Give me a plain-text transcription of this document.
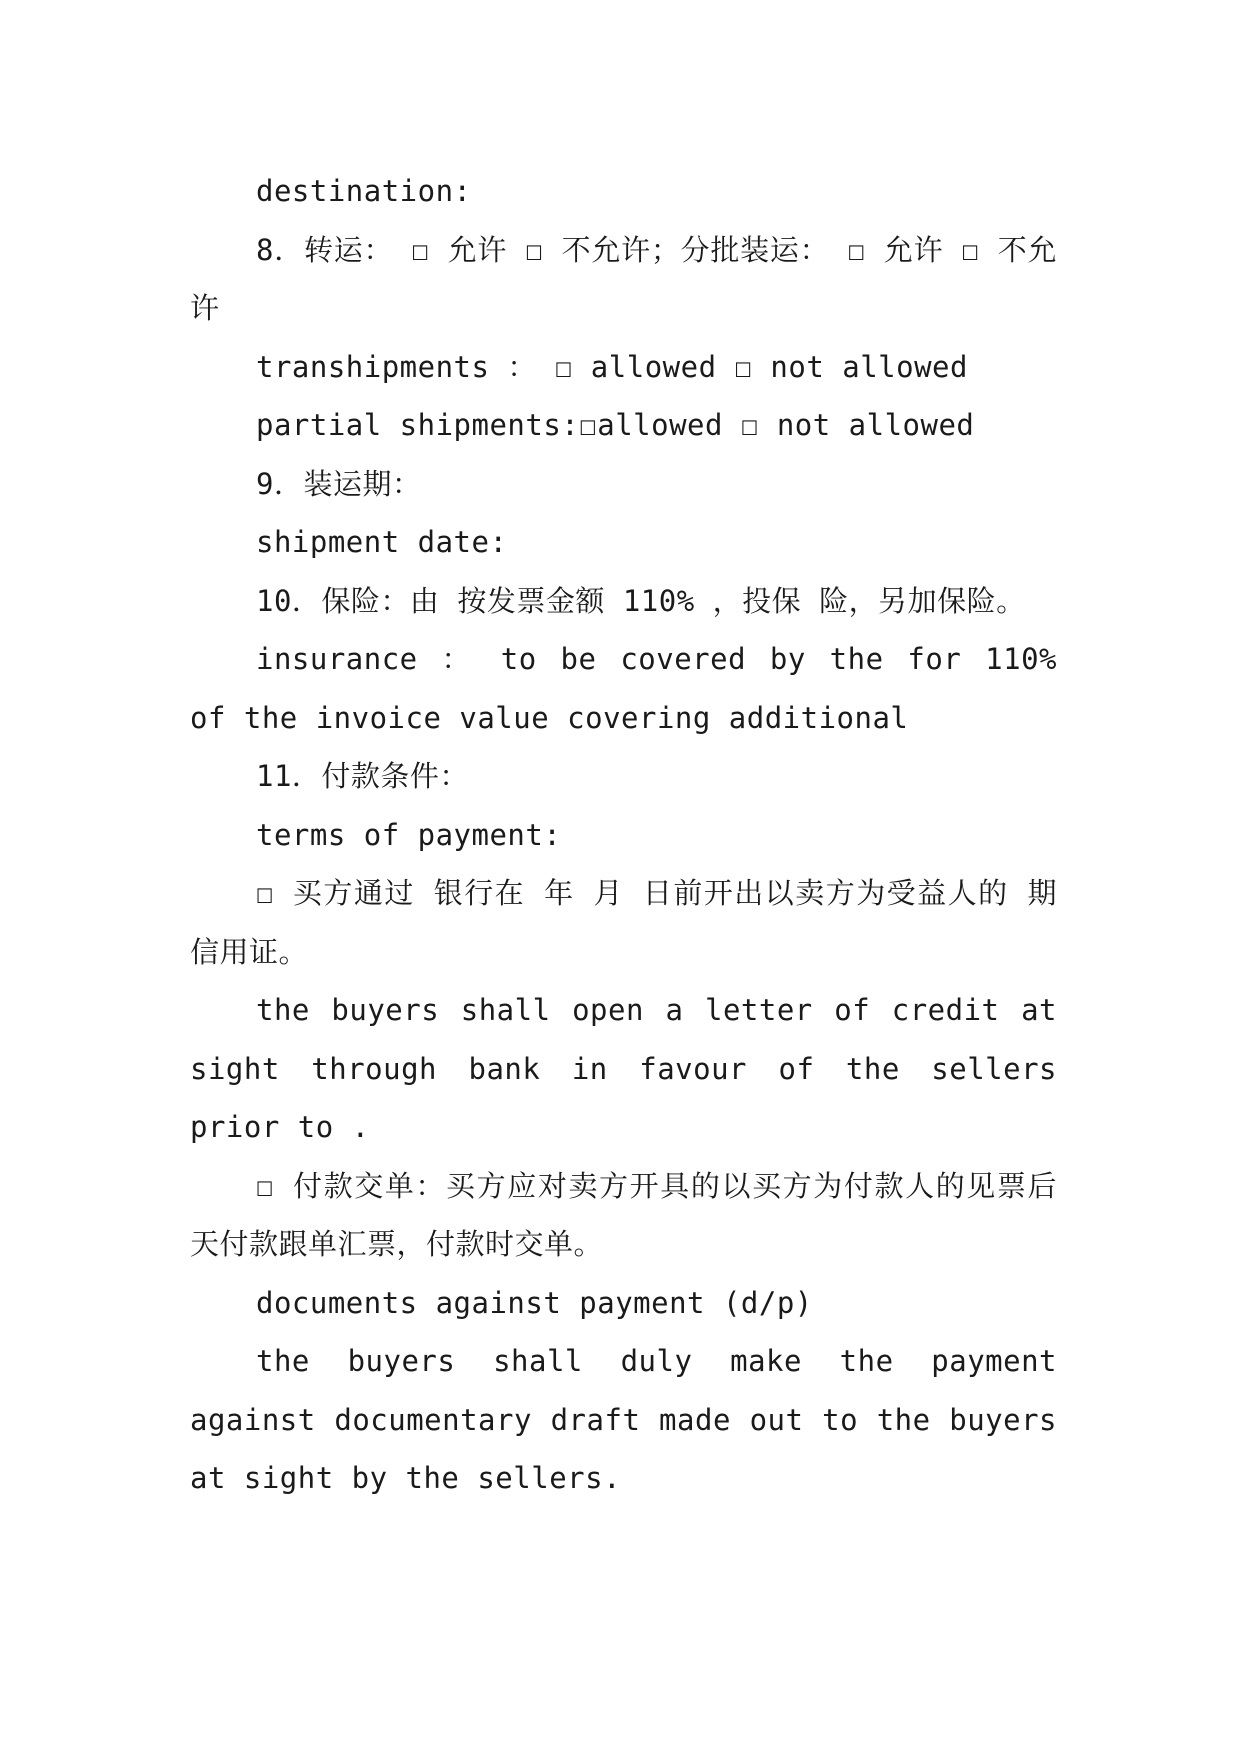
destination:

8．转运： ☐ 允许 ☐ 不允许；分批装运： ☐ 允许 ☐ 不允许

transhipments ： ☐ allowed ☐ not allowed

partial shipments:☐allowed ☐ not allowed

9．装运期：

shipment date:

10．保险：由 按发票金额 110% ，投保 险，另加保险。

insurance ： to be covered by the for 110% of the invoice value covering additional

11．付款条件：

terms of payment:

☐ 买方通过 银行在 年 月 日前开出以卖方为受益人的 期信用证。

the buyers shall open a letter of credit at sight through bank in favour of the sellers prior to .

☐ 付款交单：买方应对卖方开具的以买方为付款人的见票后 天付款跟单汇票，付款时交单。

documents against payment (d/p)

the buyers shall duly make the payment against documentary draft made out to the buyers at sight by the sellers.
